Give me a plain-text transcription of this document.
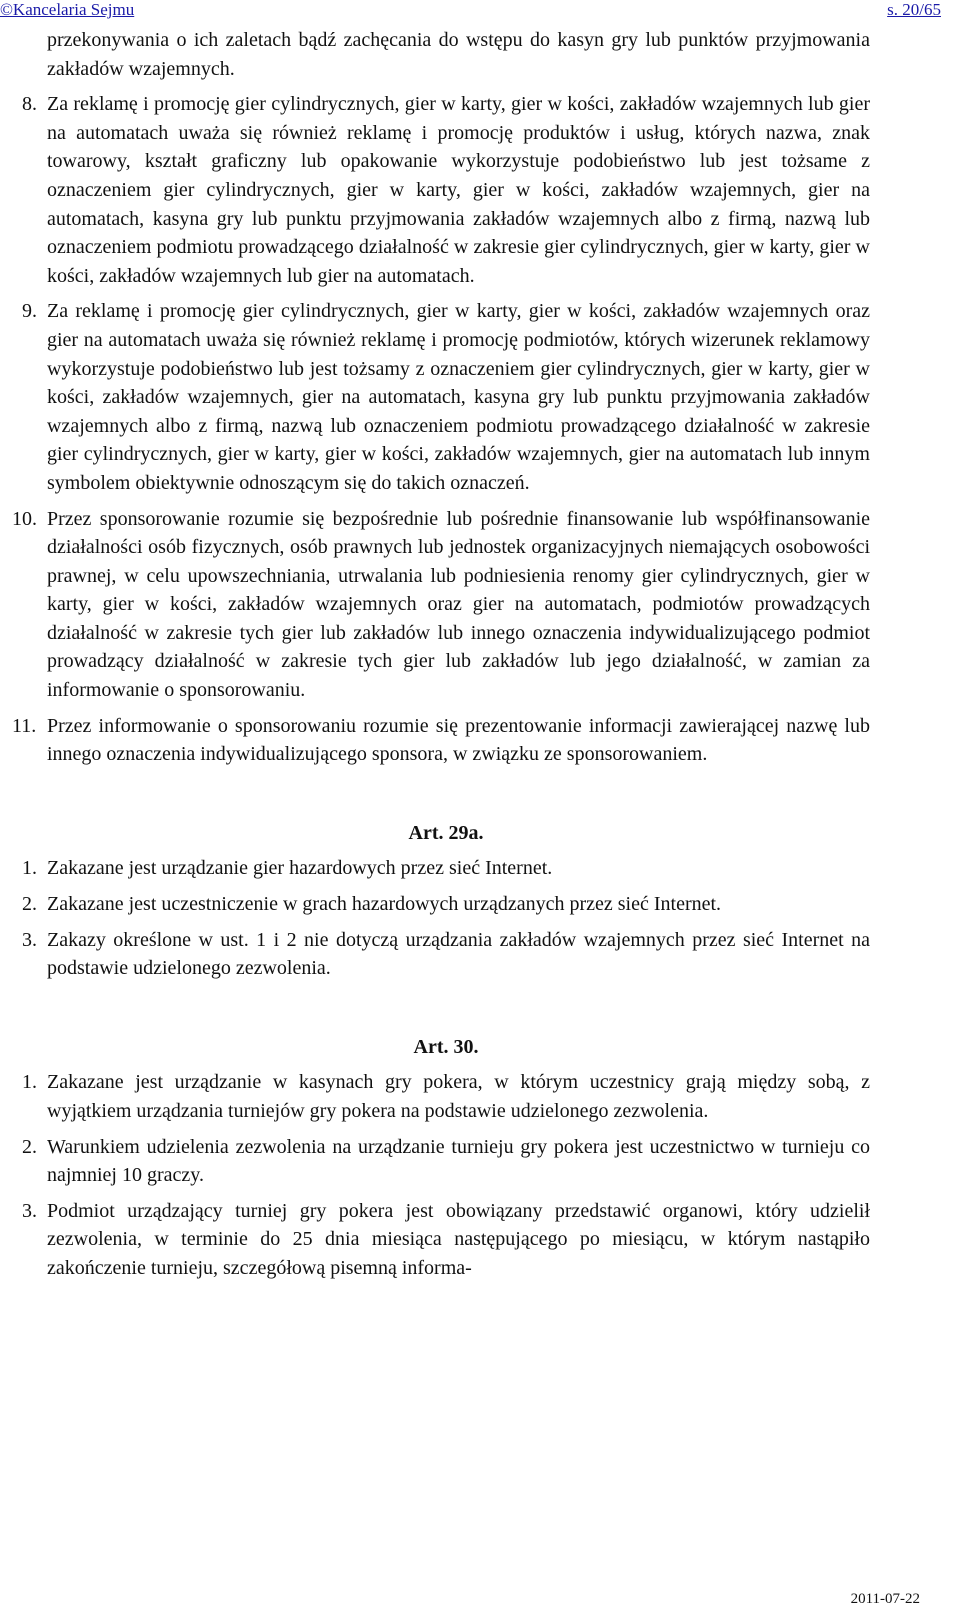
©Kancelaria Sejmu	s. 20/65

przekonywania o ich zaletach bądź zachęcania do wstępu do kasyn gry lub punktów przyjmowania zakładów wzajemnych.

8. Za reklamę i promocję gier cylindrycznych, gier w karty, gier w kości, zakładów wzajemnych lub gier na automatach uważa się również reklamę i promocję produktów i usług, których nazwa, znak towarowy, kształt graficzny lub opakowanie wykorzystuje podobieństwo lub jest tożsame z oznaczeniem gier cylindrycznych, gier w karty, gier w kości, zakładów wzajemnych, gier na automatach, kasyna gry lub punktu przyjmowania zakładów wzajemnych albo z firmą, nazwą lub oznaczeniem podmiotu prowadzącego działalność w zakresie gier cylindrycznych, gier w karty, gier w kości, zakładów wzajemnych lub gier na automatach.
9. Za reklamę i promocję gier cylindrycznych, gier w karty, gier w kości, zakładów wzajemnych oraz gier na automatach uważa się również reklamę i promocję podmiotów, których wizerunek reklamowy wykorzystuje podobieństwo lub jest tożsamy z oznaczeniem gier cylindrycznych, gier w karty, gier w kości, zakładów wzajemnych, gier na automatach, kasyna gry lub punktu przyjmowania zakładów wzajemnych albo z firmą, nazwą lub oznaczeniem podmiotu prowadzącego działalność w zakresie gier cylindrycznych, gier w karty, gier w kości, zakładów wzajemnych, gier na automatach lub innym symbolem obiektywnie odnoszącym się do takich oznaczeń.
10. Przez sponsorowanie rozumie się bezpośrednie lub pośrednie finansowanie lub współfinansowanie działalności osób fizycznych, osób prawnych lub jednostek organizacyjnych niemających osobowości prawnej, w celu upowszechniania, utrwalania lub podniesienia renomy gier cylindrycznych, gier w karty, gier w kości, zakładów wzajemnych oraz gier na automatach, podmiotów prowadzących działalność w zakresie tych gier lub zakładów lub innego oznaczenia indywidualizującego podmiot prowadzący działalność w zakresie tych gier lub zakładów lub jego działalność, w zamian za informowanie o sponsorowaniu.
11. Przez informowanie o sponsorowaniu rozumie się prezentowanie informacji zawierającej nazwę lub innego oznaczenia indywidualizującego sponsora, w związku ze sponsorowaniem.

Art. 29a.

1. Zakazane jest urządzanie gier hazardowych przez sieć Internet.
2. Zakazane jest uczestniczenie w grach hazardowych urządzanych przez sieć Internet.
3. Zakazy określone w ust. 1 i 2 nie dotyczą urządzania zakładów wzajemnych przez sieć Internet na podstawie udzielonego zezwolenia.

Art. 30.

1. Zakazane jest urządzanie w kasynach gry pokera, w którym uczestnicy grają między sobą, z wyjątkiem urządzania turniejów gry pokera na podstawie udzielonego zezwolenia.
2. Warunkiem udzielenia zezwolenia na urządzanie turnieju gry pokera jest uczestnictwo w turnieju co najmniej 10 graczy.
3. Podmiot urządzający turniej gry pokera jest obowiązany przedstawić organowi, który udzielił zezwolenia, w terminie do 25 dnia miesiąca następującego po miesiącu, w którym nastąpiło zakończenie turnieju, szczegółową pisemną informa-
2011-07-22
